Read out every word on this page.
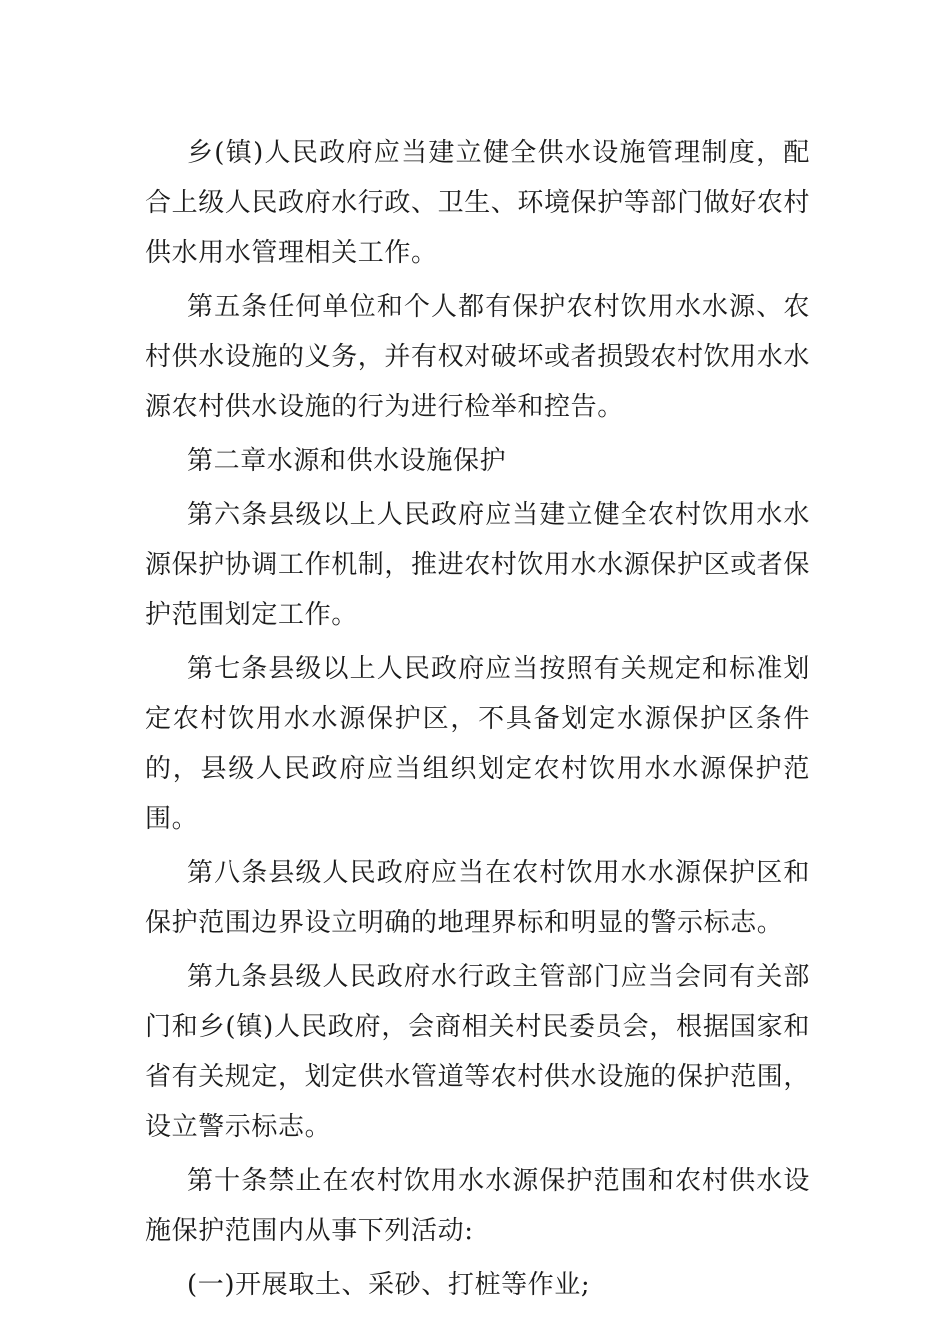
乡(镇)人民政府应当建立健全供水设施管理制度，配合上级人民政府水行政、卫生、环境保护等部门做好农村供水用水管理相关工作。

第五条任何单位和个人都有保护农村饮用水水源、农村供水设施的义务，并有权对破坏或者损毁农村饮用水水源农村供水设施的行为进行检举和控告。

第二章水源和供水设施保护

第六条县级以上人民政府应当建立健全农村饮用水水源保护协调工作机制，推进农村饮用水水源保护区或者保护范围划定工作。

第七条县级以上人民政府应当按照有关规定和标准划定农村饮用水水源保护区，不具备划定水源保护区条件的，县级人民政府应当组织划定农村饮用水水源保护范围。

第八条县级人民政府应当在农村饮用水水源保护区和保护范围边界设立明确的地理界标和明显的警示标志。

第九条县级人民政府水行政主管部门应当会同有关部门和乡(镇)人民政府，会商相关村民委员会，根据国家和省有关规定，划定供水管道等农村供水设施的保护范围，设立警示标志。

第十条禁止在农村饮用水水源保护范围和农村供水设施保护范围内从事下列活动:

(一)开展取土、采砂、打桩等作业;
